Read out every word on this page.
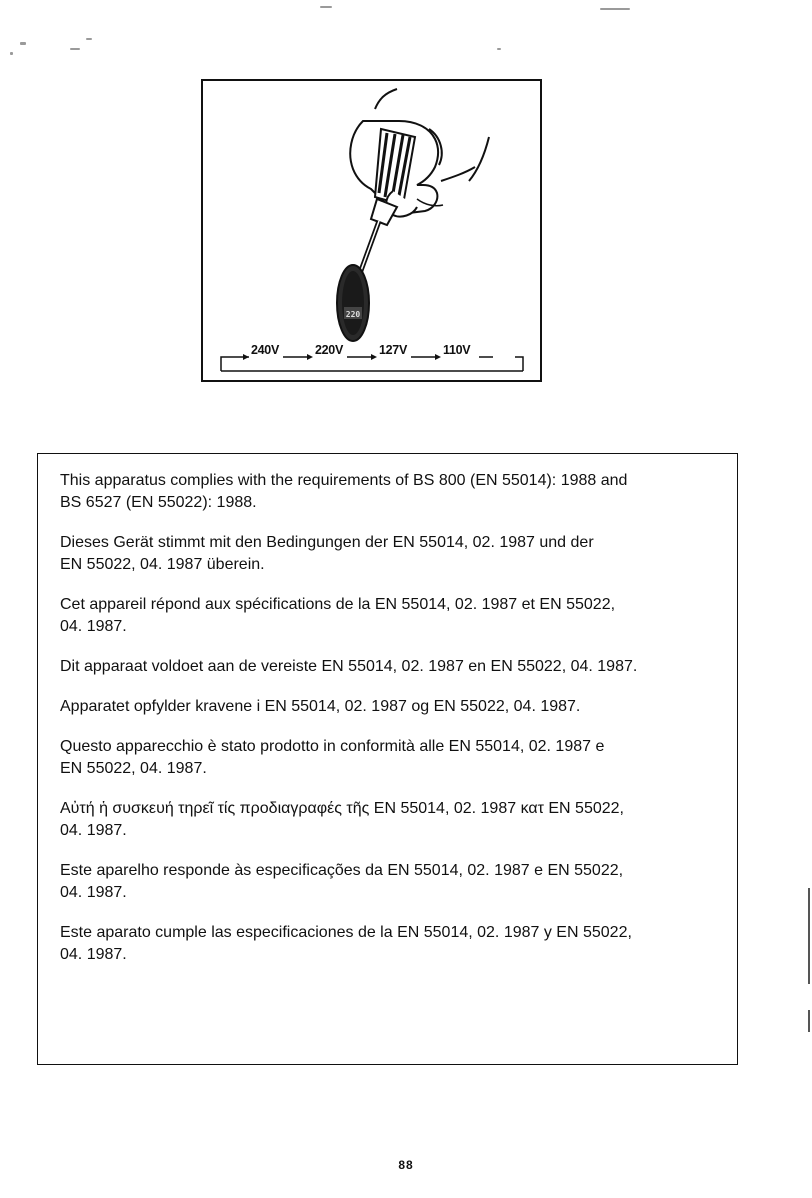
220
240V	220V	127V	110V

This apparatus complies with the requirements of BS 800 (EN 55014): 1988 and
BS 6527 (EN 55022): 1988.

Dieses Gerät stimmt mit den Bedingungen der EN 55014, 02. 1987 und der
EN 55022, 04. 1987 überein.

Cet appareil répond aux spécifications de la EN 55014, 02. 1987 et EN 55022,
04. 1987.

Dit apparaat voldoet aan de vereiste EN 55014, 02. 1987 en EN 55022, 04. 1987.

Apparatet opfylder kravene i EN 55014, 02. 1987 og EN 55022, 04. 1987.

Questo apparecchio è stato prodotto in conformità alle EN 55014, 02. 1987 e
EN 55022, 04. 1987.

Αὐτή ἡ συσκευή τηρεῖ τίς προδιαγραφές τῆς EN 55014, 02. 1987 κατ EN 55022,
04. 1987.

Este aparelho responde às especificações da EN 55014, 02. 1987 e EN 55022,
04. 1987.

Este aparato cumple las especificaciones de la EN 55014, 02. 1987 y EN 55022,
04. 1987.

88
